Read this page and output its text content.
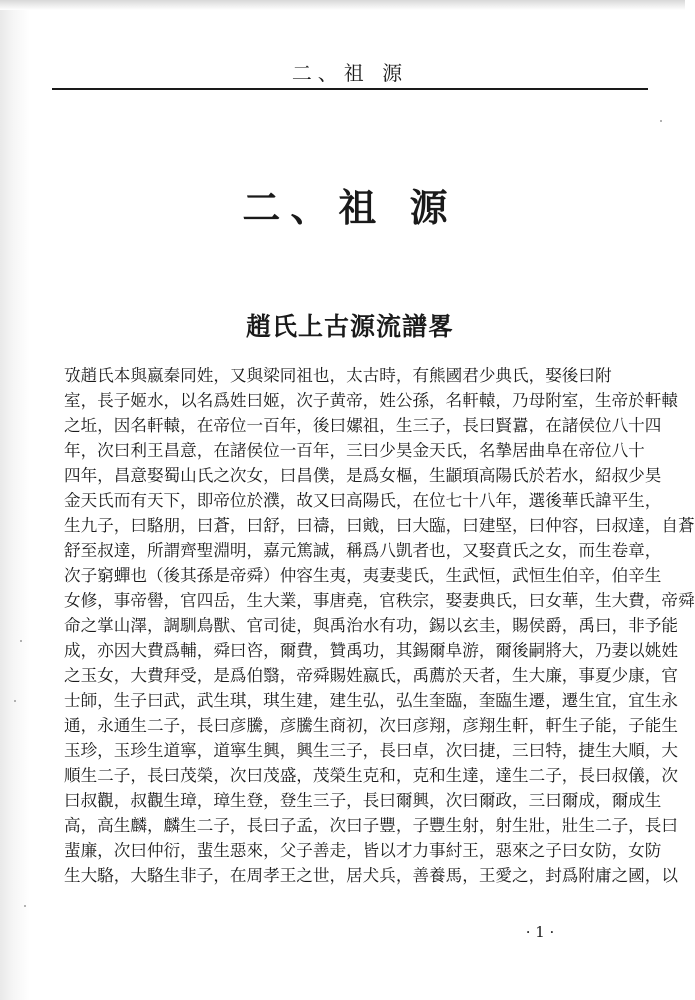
二、祖 源
二、祖 源
趙氏上古源流譜畧
攷趙氏本與嬴秦同姓，又與梁同祖也，太古時，有熊國君少典氏，娶後曰附
室，長子姬水，以名爲姓曰姬，次子黄帝，姓公孫，名軒轅，乃母附室，生帝於軒轅
之坵，因名軒轅，在帝位一百年，後曰嫘祖，生三子，長曰賢囂，在諸侯位八十四
年，次曰利王昌意，在諸侯位一百年，三曰少昊金天氏，名摯居曲阜在帝位八十
四年，昌意娶蜀山氏之次女，曰昌僕，是爲女樞，生顓頊高陽氏於若水，紹叔少昊
金天氏而有天下，即帝位於濮，故又曰高陽氏，在位七十八年，選後華氏諱平生，
生九子，曰駱朋，曰蒼，曰舒，曰禱，曰戭，曰大臨，曰建堅，曰仲容，曰叔達，自蒼
舒至叔達，所謂齊聖淵明，嘉元篤誠，稱爲八凱者也，又娶賁氏之女，而生卷章，
次子窮蟬也（後其孫是帝舜）仲容生夷，夷妻斐氏，生武恒，武恒生伯辛，伯辛生
女修，事帝嚳，官四岳，生大業，事唐堯，官秩宗，娶妻典氏，曰女華，生大費，帝舜
命之掌山澤，調馴鳥獸、官司徒，與禹治水有功，錫以玄圭，賜侯爵，禹曰，非予能
成，亦因大費爲輔，舜曰咨，爾費，贊禹功，其錫爾阜游，爾後嗣將大，乃妻以姚姓
之玉女，大費拜受，是爲伯翳，帝舜賜姓嬴氏，禹薦於天者，生大廉，事夏少康，官
士師，生子曰武，武生琪，琪生建，建生弘，弘生奎臨，奎臨生遷，遷生宜，宜生永
通，永通生二子，長曰彦騰，彦騰生商初，次曰彦翔，彦翔生軒，軒生子能，子能生
玉珍，玉珍生道寧，道寧生興，興生三子，長曰卓，次曰捷，三曰特，捷生大順，大
順生二子，長曰茂榮，次曰茂盛，茂榮生克和，克和生達，達生二子，長曰叔儀，次
曰叔觀，叔觀生璋，璋生登，登生三子，長曰爾興，次曰爾政，三曰爾成，爾成生
高，高生麟，麟生二子，長曰子孟，次曰子豐，子豐生射，射生壯，壯生二子，長曰
蜚廉，次曰仲衍，蜚生惡來，父子善走，皆以才力事紂王，惡來之子曰女防，女防
生大駱，大駱生非子，在周孝王之世，居犬兵，善養馬，王愛之，封爲附庸之國，以
· 1 ·
